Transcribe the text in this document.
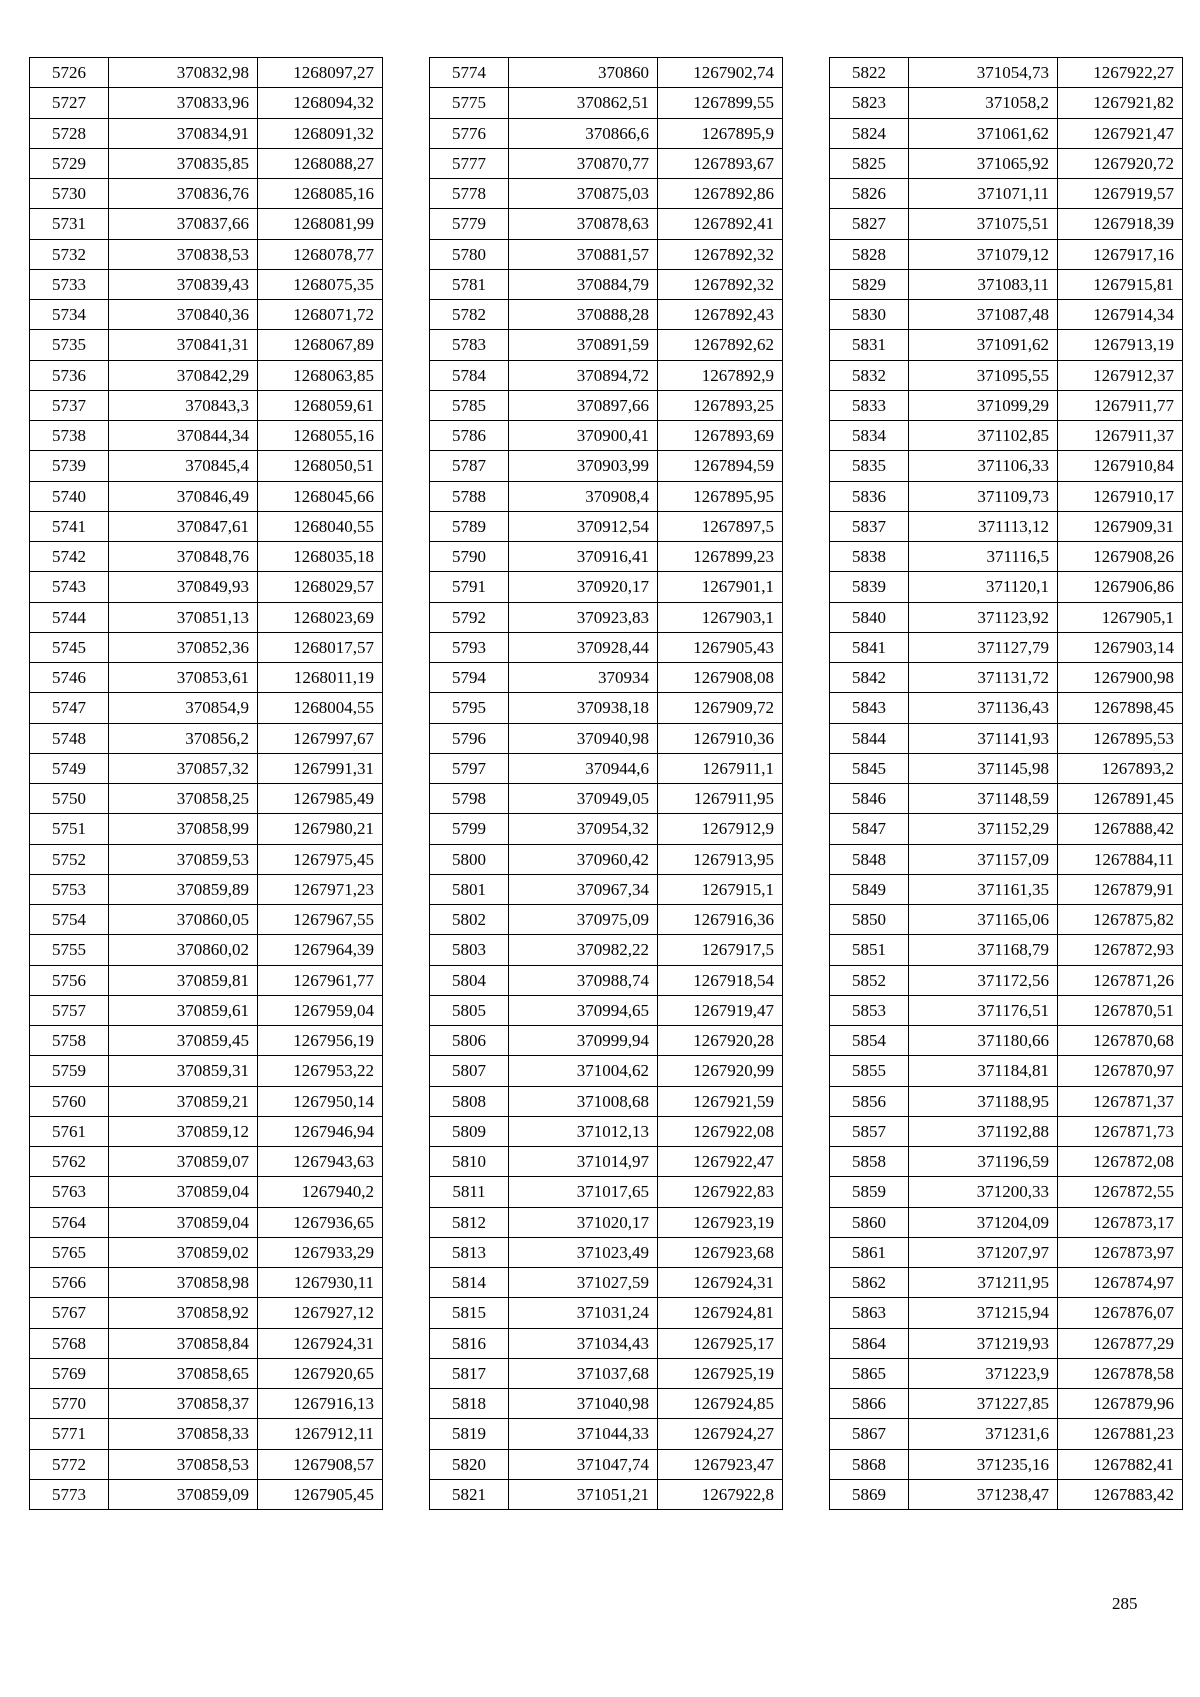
5726	370832,98	1268097,27
5727	370833,96	1268094,32
5728	370834,91	1268091,32
5729	370835,85	1268088,27
5730	370836,76	1268085,16
5731	370837,66	1268081,99
5732	370838,53	1268078,77
5733	370839,43	1268075,35
5734	370840,36	1268071,72
5735	370841,31	1268067,89
5736	370842,29	1268063,85
5737	370843,3	1268059,61
5738	370844,34	1268055,16
5739	370845,4	1268050,51
5740	370846,49	1268045,66
5741	370847,61	1268040,55
5742	370848,76	1268035,18
5743	370849,93	1268029,57
5744	370851,13	1268023,69
5745	370852,36	1268017,57
5746	370853,61	1268011,19
5747	370854,9	1268004,55
5748	370856,2	1267997,67
5749	370857,32	1267991,31
5750	370858,25	1267985,49
5751	370858,99	1267980,21
5752	370859,53	1267975,45
5753	370859,89	1267971,23
5754	370860,05	1267967,55
5755	370860,02	1267964,39
5756	370859,81	1267961,77
5757	370859,61	1267959,04
5758	370859,45	1267956,19
5759	370859,31	1267953,22
5760	370859,21	1267950,14
5761	370859,12	1267946,94
5762	370859,07	1267943,63
5763	370859,04	1267940,2
5764	370859,04	1267936,65
5765	370859,02	1267933,29
5766	370858,98	1267930,11
5767	370858,92	1267927,12
5768	370858,84	1267924,31
5769	370858,65	1267920,65
5770	370858,37	1267916,13
5771	370858,33	1267912,11
5772	370858,53	1267908,57
5773	370859,09	1267905,45
5774	370860	1267902,74
5775	370862,51	1267899,55
5776	370866,6	1267895,9
5777	370870,77	1267893,67
5778	370875,03	1267892,86
5779	370878,63	1267892,41
5780	370881,57	1267892,32
5781	370884,79	1267892,32
5782	370888,28	1267892,43
5783	370891,59	1267892,62
5784	370894,72	1267892,9
5785	370897,66	1267893,25
5786	370900,41	1267893,69
5787	370903,99	1267894,59
5788	370908,4	1267895,95
5789	370912,54	1267897,5
5790	370916,41	1267899,23
5791	370920,17	1267901,1
5792	370923,83	1267903,1
5793	370928,44	1267905,43
5794	370934	1267908,08
5795	370938,18	1267909,72
5796	370940,98	1267910,36
5797	370944,6	1267911,1
5798	370949,05	1267911,95
5799	370954,32	1267912,9
5800	370960,42	1267913,95
5801	370967,34	1267915,1
5802	370975,09	1267916,36
5803	370982,22	1267917,5
5804	370988,74	1267918,54
5805	370994,65	1267919,47
5806	370999,94	1267920,28
5807	371004,62	1267920,99
5808	371008,68	1267921,59
5809	371012,13	1267922,08
5810	371014,97	1267922,47
5811	371017,65	1267922,83
5812	371020,17	1267923,19
5813	371023,49	1267923,68
5814	371027,59	1267924,31
5815	371031,24	1267924,81
5816	371034,43	1267925,17
5817	371037,68	1267925,19
5818	371040,98	1267924,85
5819	371044,33	1267924,27
5820	371047,74	1267923,47
5821	371051,21	1267922,8
5822	371054,73	1267922,27
5823	371058,2	1267921,82
5824	371061,62	1267921,47
5825	371065,92	1267920,72
5826	371071,11	1267919,57
5827	371075,51	1267918,39
5828	371079,12	1267917,16
5829	371083,11	1267915,81
5830	371087,48	1267914,34
5831	371091,62	1267913,19
5832	371095,55	1267912,37
5833	371099,29	1267911,77
5834	371102,85	1267911,37
5835	371106,33	1267910,84
5836	371109,73	1267910,17
5837	371113,12	1267909,31
5838	371116,5	1267908,26
5839	371120,1	1267906,86
5840	371123,92	1267905,1
5841	371127,79	1267903,14
5842	371131,72	1267900,98
5843	371136,43	1267898,45
5844	371141,93	1267895,53
5845	371145,98	1267893,2
5846	371148,59	1267891,45
5847	371152,29	1267888,42
5848	371157,09	1267884,11
5849	371161,35	1267879,91
5850	371165,06	1267875,82
5851	371168,79	1267872,93
5852	371172,56	1267871,26
5853	371176,51	1267870,51
5854	371180,66	1267870,68
5855	371184,81	1267870,97
5856	371188,95	1267871,37
5857	371192,88	1267871,73
5858	371196,59	1267872,08
5859	371200,33	1267872,55
5860	371204,09	1267873,17
5861	371207,97	1267873,97
5862	371211,95	1267874,97
5863	371215,94	1267876,07
5864	371219,93	1267877,29
5865	371223,9	1267878,58
5866	371227,85	1267879,96
5867	371231,6	1267881,23
5868	371235,16	1267882,41
5869	371238,47	1267883,42
285
